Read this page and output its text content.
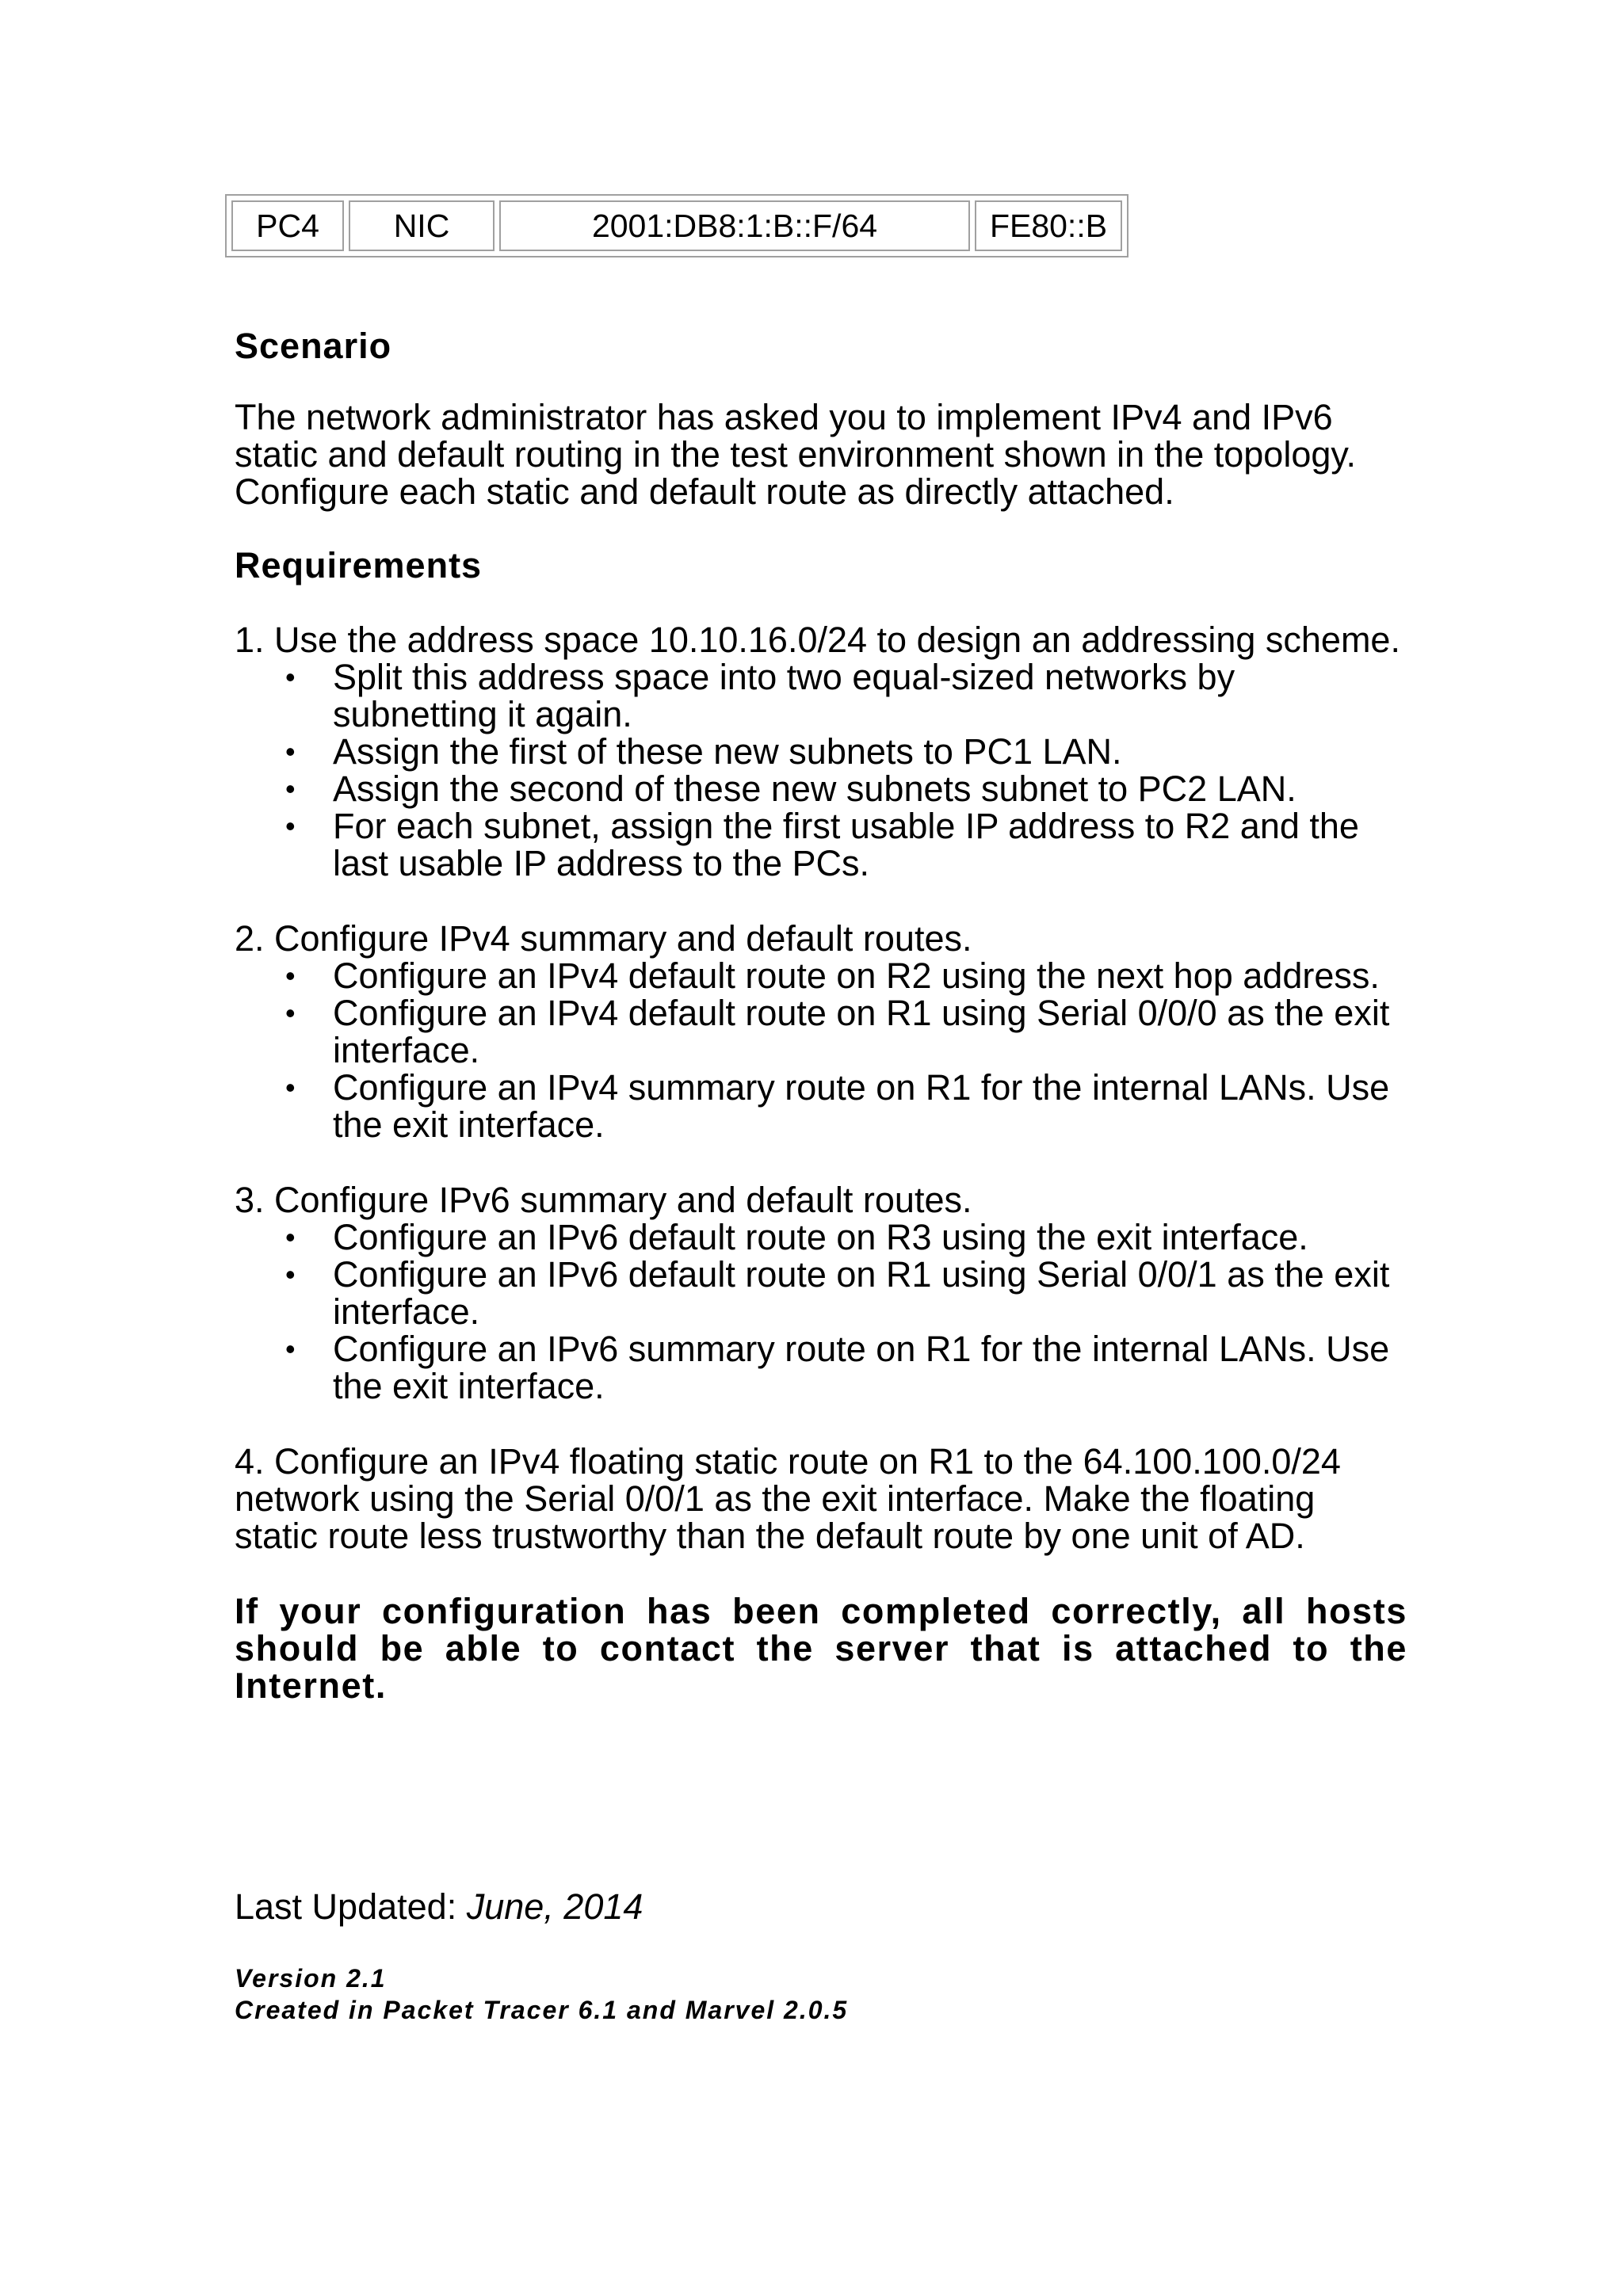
PC4	NIC	2001:DB8:1:B::F/64	FE80::B
Scenario

The network administrator has asked you to implement IPv4 and IPv6 static and default routing in the test environment shown in the topology. Configure each static and default route as directly attached.

Requirements

1. Use the address space 10.10.16.0/24 to design an addressing scheme.

• Split this address space into two equal-sized networks by subnetting it again.
• Assign the first of these new subnets to PC1 LAN.
• Assign the second of these new subnets subnet to PC2 LAN.
• For each subnet, assign the first usable IP address to R2 and the last usable IP address to the PCs.

2. Configure IPv4 summary and default routes.

• Configure an IPv4 default route on R2 using the next hop address.
• Configure an IPv4 default route on R1 using Serial 0/0/0 as the exit interface.
• Configure an IPv4 summary route on R1 for the internal LANs. Use the exit interface.

3. Configure IPv6 summary and default routes.

• Configure an IPv6 default route on R3 using the exit interface.
• Configure an IPv6 default route on R1 using Serial 0/0/1 as the exit interface.
• Configure an IPv6 summary route on R1 for the internal LANs. Use the exit interface.

4. Configure an IPv4 floating static route on R1 to the 64.100.100.0/24 network using the Serial 0/0/1 as the exit interface. Make the floating static route less trustworthy than the default route by one unit of AD.

If your configuration has been completed correctly, all hosts should be able to contact the server that is attached to the Internet.

Last Updated: June, 2014

Version 2.1
Created in Packet Tracer 6.1 and Marvel 2.0.5
